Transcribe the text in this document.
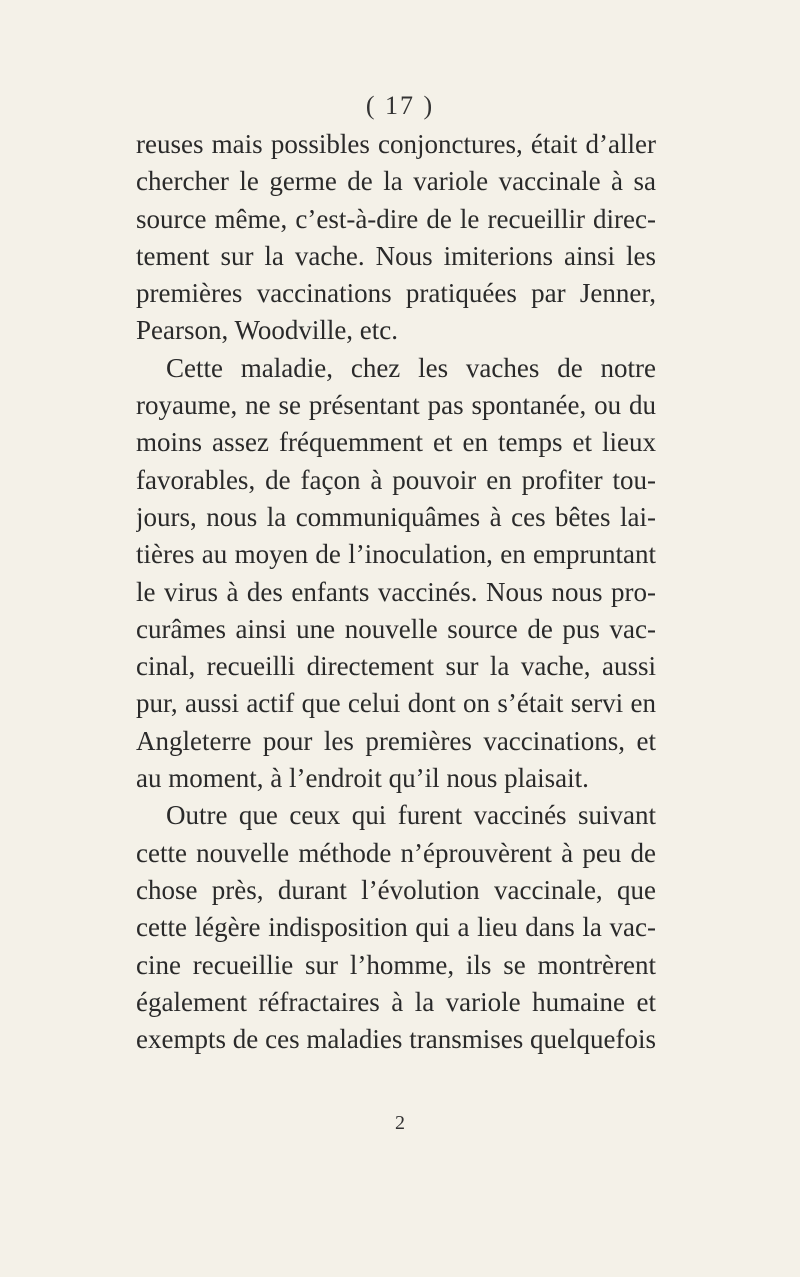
( 17 )
reuses mais possibles conjonctures, était d’aller
chercher le germe de la variole vaccinale à sa
source même, c’est-à-dire de le recueillir direc-
tement sur la vache. Nous imiterions ainsi les
premières vaccinations pratiquées par Jenner,
Pearson, Woodville, etc.
Cette maladie, chez les vaches de notre
royaume, ne se présentant pas spontanée, ou du
moins assez fréquemment et en temps et lieux
favorables, de façon à pouvoir en profiter tou-
jours, nous la communiquâmes à ces bêtes lai-
tières au moyen de l’inoculation, en empruntant
le virus à des enfants vaccinés. Nous nous pro-
curâmes ainsi une nouvelle source de pus vac-
cinal, recueilli directement sur la vache, aussi
pur, aussi actif que celui dont on s’était servi en
Angleterre pour les premières vaccinations, et
au moment, à l’endroit qu’il nous plaisait.
Outre que ceux qui furent vaccinés suivant
cette nouvelle méthode n’éprouvèrent à peu de
chose près, durant l’évolution vaccinale, que
cette légère indisposition qui a lieu dans la vac-
cine recueillie sur l’homme, ils se montrèrent
également réfractaires à la variole humaine et
exempts de ces maladies transmises quelquefois
2
